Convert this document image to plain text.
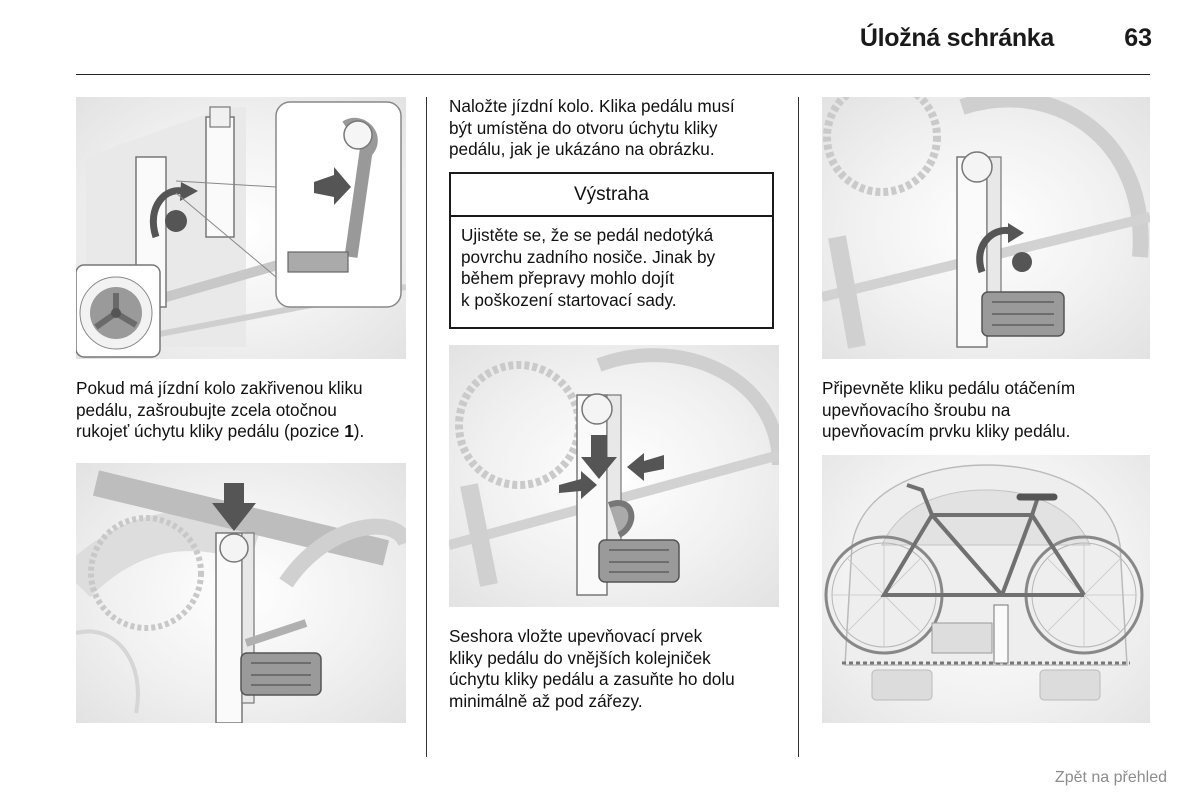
Úložná schránka	63

Pokud má jízdní kolo zakřivenou kliku
pedálu, zašroubujte zcela otočnou
rukojeť úchytu kliky pedálu (pozice 1).

Naložte jízdní kolo. Klika pedálu musí
být umístěna do otvoru úchytu kliky
pedálu, jak je ukázáno na obrázku.

Výstraha
Ujistěte se, že se pedál nedotýká
povrchu zadního nosiče. Jinak by
během přepravy mohlo dojít
k poškození startovací sady.

Seshora vložte upevňovací prvek
kliky pedálu do vnějších kolejniček
úchytu kliky pedálu a zasuňte ho dolu
minimálně až pod zářezy.

Připevněte kliku pedálu otáčením
upevňovacího šroubu na
upevňovacím prvku kliky pedálu.

Zpět na přehled
